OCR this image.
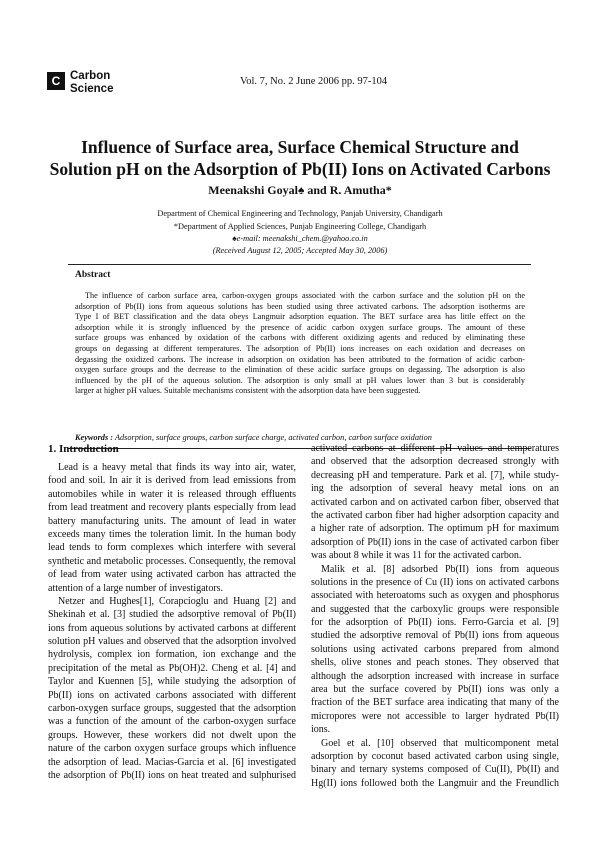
C Carbon
Science
Vol. 7, No. 2 June 2006 pp. 97-104
Influence of Surface area, Surface Chemical Structure and
Solution pH on the Adsorption of Pb(II) Ions on Activated Carbons
Meenakshi Goyal♠ and R. Amutha*
Department of Chemical Engineering and Technology, Panjab University, Chandigarh
*Department of Applied Sciences, Punjab Engineering College, Chandigarh
♠e-mail: meenakshi_chem.@yahoo.co.in
(Received August 12, 2005; Accepted May 30, 2006)
Abstract
The influence of carbon surface area, carbon-oxygen groups associated with the carbon surface and the solution pH on the
adsorption of Pb(II) ions from aqueous solutions has been studied using three activated carbons. The adsorption isotherms are
Type I of BET classification and the data obeys Langmuir adsorption equation. The BET surface area has little effect on the
adsorption while it is strongly influenced by the presence of acidic carbon oxygen surface groups. The amount of these
surface groups was enhanced by oxidation of the carbons with different oxidizing agents and reduced by eliminating these
groups on degassing at different temperatures. The adsorption of Pb(II) ions increases on each oxidation and decreases on
degassing the oxidized carbons. The increase in adsorption on oxidation has been attributed to the formation of acidic carbon-
oxygen surface groups and the decrease to the elimination of these acidic surface groups on degassing. The adsorption is also
influenced by the pH of the aqueous solution. The adsorption is only small at pH values lower than 3 but is considerably
larger at higher pH values. Suitable mechanisms consistent with the adsorption data have been suggested.
Keywords : Adsorption, surface groups, carbon surface charge, activated carbon, carbon surface oxidation
1. Introduction
Lead is a heavy metal that finds its way into air, water,
food and soil. In air it is derived from lead emissions from
automobiles while in water it is released through effluents
from lead treatment and recovery plants especially from lead
battery manufacturing units. The amount of lead in water
exceeds many times the toleration limit. In the human body
lead tends to form complexes which interfere with several
synthetic and metabolic processes. Consequently, the removal
of lead from water using activated carbon has attracted the
attention of a large number of investigators.
Netzer and Hughes[1], Corapcioglu and Huang [2] and
Shekinah et al. [3] studied the adsorptive removal of Pb(II)
ions from aqueous solutions by activated carbons at different
solution pH values and observed that the adsorption involved
hydrolysis, complex ion formation, ion exchange and the
precipitation of the metal as Pb(OH)2. Cheng et al. [4] and
Taylor and Kuennen [5], while studying the adsorption of
Pb(II) ions on activated carbons associated with different
carbon-oxygen surface groups, suggested that the adsorption
was a function of the amount of the carbon-oxygen surface
groups. However, these workers did not dwelt upon the
nature of the carbon oxygen surface groups which influence
the adsorption of lead. Macias-Garcia et al. [6] investigated
the adsorption of Pb(II) ions on heat treated and sulphurised
activated carbons at different pH values and temperatures
and observed that the adsorption decreased strongly with
decreasing pH and temperature. Park et al. [7], while study-
ing the adsorption of several heavy metal ions on an
activated carbon and on activated carbon fiber, observed that
the activated carbon fiber had higher adsorption capacity and
a higher rate of adsorption. The optimum pH for maximum
adsorption of Pb(II) ions in the case of activated carbon fiber
was about 8 while it was 11 for the activated carbon.
Malik et al. [8] adsorbed Pb(II) ions from aqueous
solutions in the presence of Cu (II) ions on activated carbons
associated with heteroatoms such as oxygen and phosphorus
and suggested that the carboxylic groups were responsible
for the adsorption of Pb(II) ions. Ferro-Garcia et al. [9]
studied the adsorptive removal of Pb(II) ions from aqueous
solutions using activated carbons prepared from almond
shells, olive stones and peach stones. They observed that
although the adsorption increased with increase in surface
area but the surface covered by Pb(II) ions was only a
fraction of the BET surface area indicating that many of the
micropores were not accessible to larger hydrated Pb(II)
ions.
Goel et al. [10] observed that multicomponent metal
adsorption by coconut based activated carbon using single,
binary and ternary systems composed of Cu(II), Pb(II) and
Hg(II) ions followed both the Langmuir and the Freundlich
